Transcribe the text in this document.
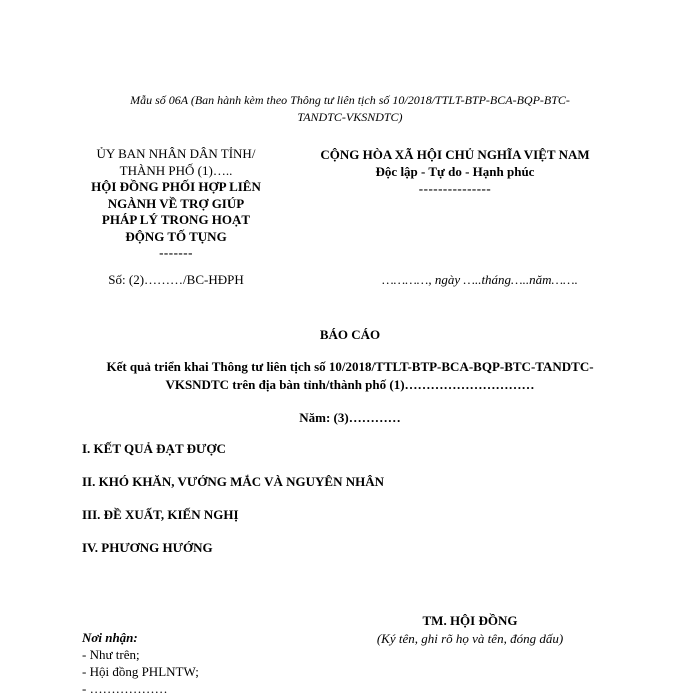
Mẫu số 06A (Ban hành kèm theo Thông tư liên tịch số 10/2018/TTLT-BTP-BCA-BQP-BTC-
TANDTC-VKSNDTC)
ỦY BAN NHÂN DÂN TỈNH/
THÀNH PHỐ (1)…..
HỘI ĐỒNG PHỐI HỢP LIÊN
NGÀNH VỀ TRỢ GIÚP
PHÁP LÝ TRONG HOẠT
ĐỘNG TỐ TỤNG
-------
CỘNG HÒA XÃ HỘI CHỦ NGHĨA VIỆT NAM
Độc lập - Tự do - Hạnh phúc
---------------
Số: (2)………/BC-HĐPH	…………, ngày …..tháng…..năm…….
BÁO CÁO
Kết quả triển khai Thông tư liên tịch số 10/2018/TTLT-BTP-BCA-BQP-BTC-TANDTC-
VKSNDTC trên địa bàn tỉnh/thành phố (1)…………………………
Năm: (3)…………
I. KẾT QUẢ ĐẠT ĐƯỢC
II. KHÓ KHĂN, VƯỚNG MẮC VÀ NGUYÊN NHÂN
III. ĐỀ XUẤT, KIẾN NGHỊ
IV. PHƯƠNG HƯỚNG
TM. HỘI ĐỒNG
(Ký tên, ghi rõ họ và tên, đóng dấu)
Nơi nhận:
- Như trên;
- Hội đồng PHLNTW;
- ………………
